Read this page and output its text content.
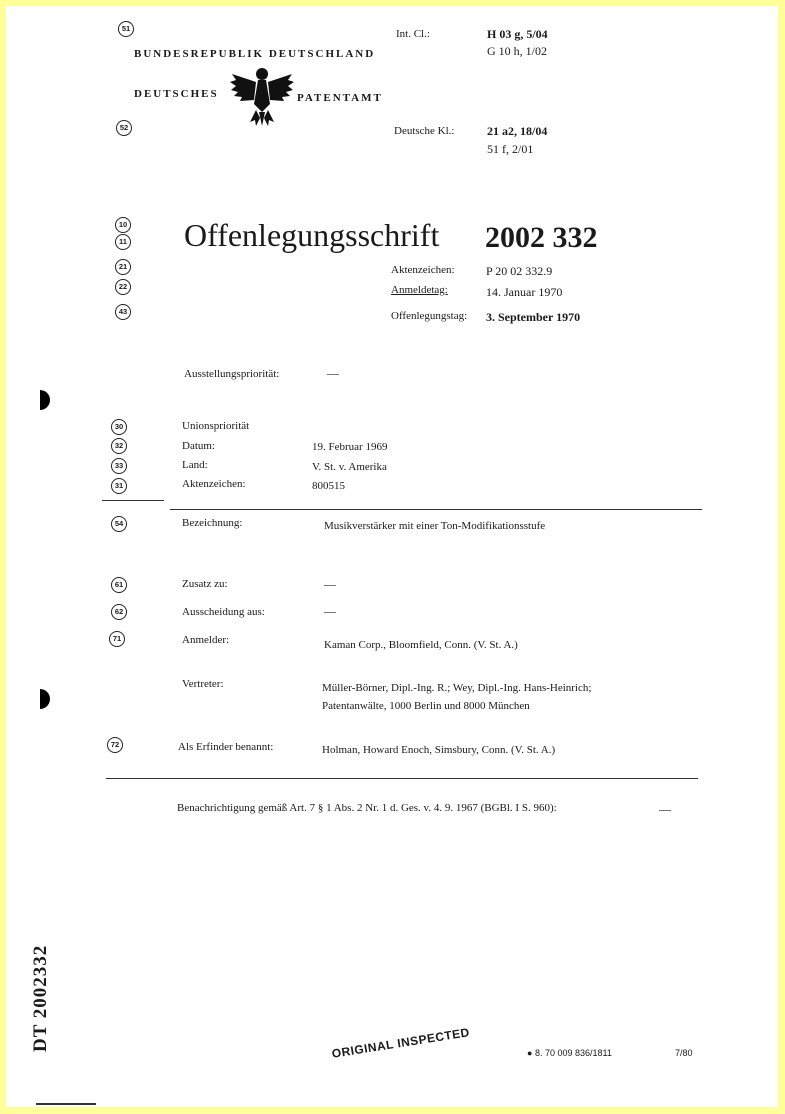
51
BUNDESREPUBLIK DEUTSCHLAND
DEUTSCHES	PATENTAMT
52
Int. Cl.:	H 03 g, 5/04
G 10 h, 1/02
Deutsche Kl.:	21 a2, 18/04
51 f, 2/01
10
11 Offenlegungsschrift 2002 332
21
22
43
Aktenzeichen:	P 20 02 332.9
Anmeldetag:	14. Januar 1970
Offenlegungstag: 3. September 1970
Ausstellungspriorität:	—
30
32
33
31
Unionspriorität
Datum:	19. Februar 1969
Land:	V. St. v. Amerika
Aktenzeichen:	800515
54	Bezeichnung:	Musikverstärker mit einer Ton-Modifikationsstufe
61	Zusatz zu:	—
62	Ausscheidung aus:	—
71	Anmelder:	Kaman Corp., Bloomfield, Conn. (V. St. A.)
Vertreter:	Müller-Börner, Dipl.-Ing. R.; Wey, Dipl.-Ing. Hans-Heinrich;
Patentanwälte, 1000 Berlin und 8000 München
72	Als Erfinder benannt:	Holman, Howard Enoch, Simsbury, Conn. (V. St. A.)
Benachrichtigung gemäß Art. 7 § 1 Abs. 2 Nr. 1 d. Ges. v. 4. 9. 1967 (BGBl. I S. 960):	—
DT 2002332	ORIGINAL INSPECTED	● 8. 70 009 836/1811	7/80
